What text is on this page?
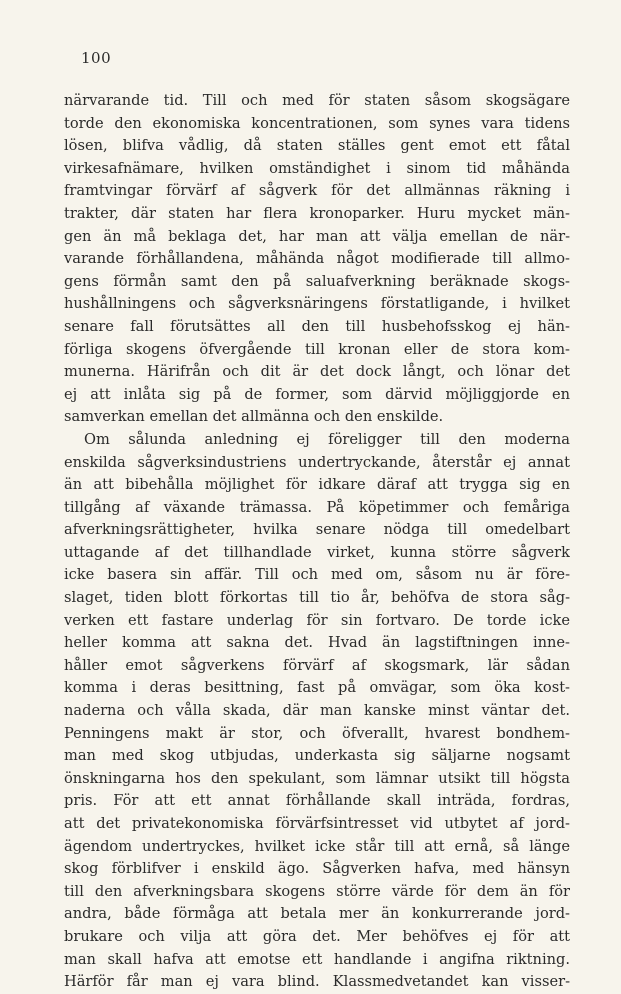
100
närvarande tid. Till och med för staten såsom skogsägare
torde den ekonomiska koncentrationen, som synes vara tidens
lösen, blifva vådlig, då staten ställes gent emot ett fåtal
virkesafnämare, hvilken omständighet i sinom tid måhända
framtvingar förvärf af sågverk för det allmännas räkning i
trakter, där staten har flera kronoparker. Huru mycket män-
gen än må beklaga det, har man att välja emellan de när-
varande förhållandena, måhända något modifierade till allmo-
gens förmån samt den på saluafverkning beräknade skogs-
hushållningens och sågverksnäringens förstatligande, i hvilket
senare fall förutsättes all den till husbehofsskog ej hän-
förliga skogens öfvergående till kronan eller de stora kom-
munerna. Härifrån och dit är det dock långt, och lönar det
ej att inlåta sig på de former, som därvid möjliggjorde en
samverkan emellan det allmänna och den enskilde.
Om sålunda anledning ej föreligger till den moderna
enskilda sågverksindustriens undertryckande, återstår ej annat
än att bibehålla möjlighet för idkare däraf att trygga sig en
tillgång af växande trämassa. På köpetimmer och femåriga
afverkningsrättigheter, hvilka senare nödga till omedelbart
uttagande af det tillhandlade virket, kunna större sågverk
icke basera sin affär. Till och med om, såsom nu är före-
slaget, tiden blott förkortas till tio år, behöfva de stora såg-
verken ett fastare underlag för sin fortvaro. De torde icke
heller komma att sakna det. Hvad än lagstiftningen inne-
håller emot sågverkens förvärf af skogsmark, lär sådan
komma i deras besittning, fast på omvägar, som öka kost-
naderna och vålla skada, där man kanske minst väntar det.
Penningens makt är stor, och öfverallt, hvarest bondhem-
man med skog utbjudas, underkasta sig säljarne nogsamt
önskningarna hos den spekulant, som lämnar utsikt till högsta
pris. För att ett annat förhållande skall inträda, fordras,
att det privatekonomiska förvärfsintresset vid utbytet af jord-
ägendom undertryckes, hvilket icke står till att ernå, så länge
skog förblifver i enskild ägo. Sågverken hafva, med hänsyn
till den afverkningsbara skogens större värde för dem än för
andra, både förmåga att betala mer än konkurrerande jord-
brukare och vilja att göra det. Mer behöfves ej för att
man skall hafva att emotse ett handlande i angifna riktning.
Härför får man ej vara blind. Klassmedvetandet kan visser-
